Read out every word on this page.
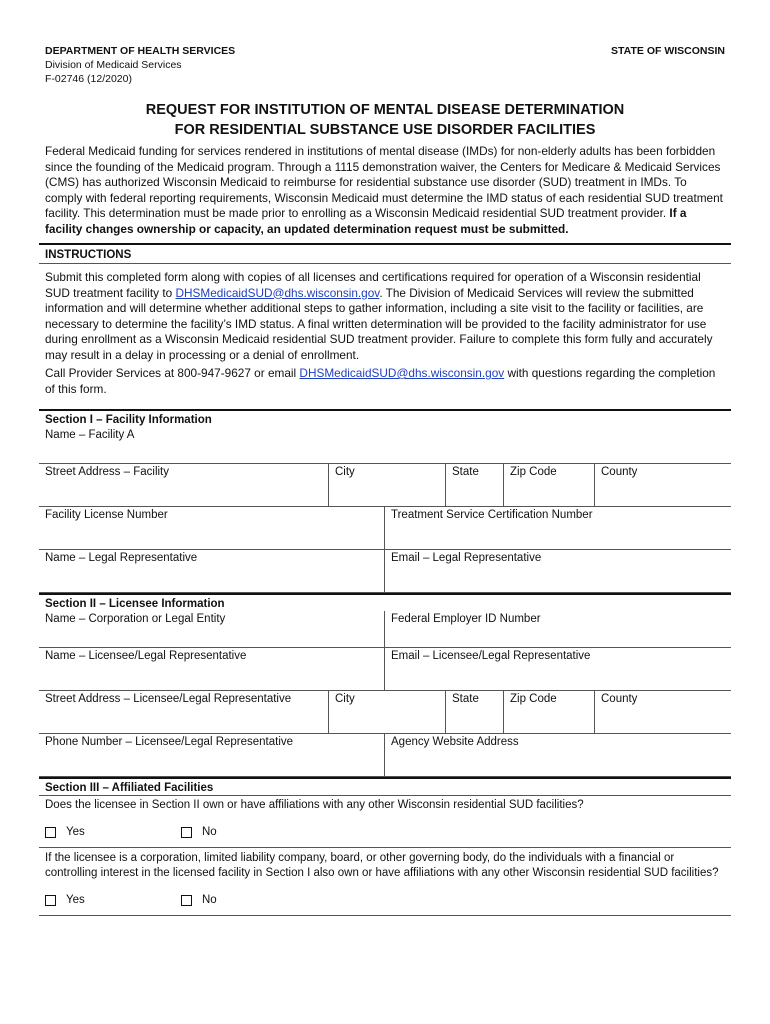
DEPARTMENT OF HEALTH SERVICES
Division of Medicaid Services
F-02746 (12/2020)
STATE OF WISCONSIN
REQUEST FOR INSTITUTION OF MENTAL DISEASE DETERMINATION
FOR RESIDENTIAL SUBSTANCE USE DISORDER FACILITIES

Federal Medicaid funding for services rendered in institutions of mental disease (IMDs) for non-elderly adults has been forbidden since the founding of the Medicaid program. Through a 1115 demonstration waiver, the Centers for Medicare & Medicaid Services (CMS) has authorized Wisconsin Medicaid to reimburse for residential substance use disorder (SUD) treatment in IMDs. To comply with federal reporting requirements, Wisconsin Medicaid must determine the IMD status of each residential SUD treatment facility. This determination must be made prior to enrolling as a Wisconsin Medicaid residential SUD treatment provider. If a facility changes ownership or capacity, an updated determination request must be submitted.

INSTRUCTIONS

Submit this completed form along with copies of all licenses and certifications required for operation of a Wisconsin residential SUD treatment facility to DHSMedicaidSUD@dhs.wisconsin.gov. The Division of Medicaid Services will review the submitted information and will determine whether additional steps to gather information, including a site visit to the facility or facilities, are necessary to determine the facility’s IMD status. A final written determination will be provided to the facility administrator for use during enrollment as a Wisconsin Medicaid residential SUD treatment provider. Failure to complete this form fully and accurately may result in a delay in processing or a denial of enrollment.

Call Provider Services at 800-947-9627 or email DHSMedicaidSUD@dhs.wisconsin.gov with questions regarding the completion of this form.

Section I – Facility Information
Name – Facility A
Street Address – Facility	City	State	Zip Code	County
Facility License Number	Treatment Service Certification Number
Name – Legal Representative	Email – Legal Representative
Section II – Licensee Information
Name – Corporation or Legal Entity	Federal Employer ID Number
Name – Licensee/Legal Representative	Email – Licensee/Legal Representative
Street Address – Licensee/Legal Representative	City	State	Zip Code	County
Phone Number – Licensee/Legal Representative	Agency Website Address
Section III – Affiliated Facilities
Does the licensee in Section II own or have affiliations with any other Wisconsin residential SUD facilities?
Yes	No
If the licensee is a corporation, limited liability company, board, or other governing body, do the individuals with a financial or controlling interest in the licensed facility in Section I also own or have affiliations with any other Wisconsin residential SUD facilities?
Yes	No
